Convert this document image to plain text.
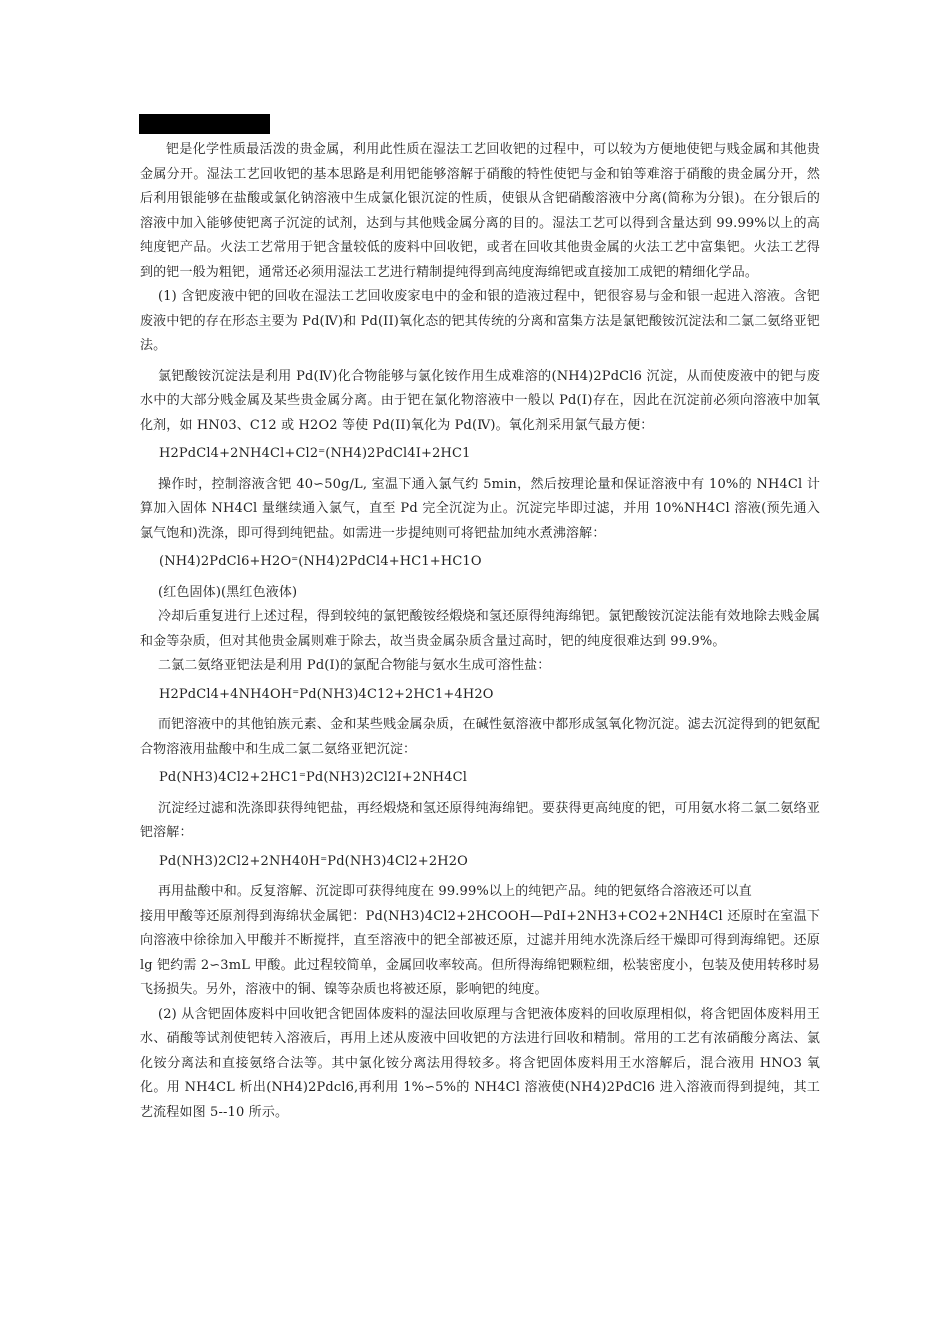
钯是化学性质最活泼的贵金属，利用此性质在湿法工艺回收钯的过程中，可以较为方便地使钯与贱金属和其他贵金属分开。湿法工艺回收钯的基本思路是利用钯能够溶解于硝酸的特性使钯与金和铂等难溶于硝酸的贵金属分开，然后利用银能够在盐酸或氯化钠溶液中生成氯化银沉淀的性质，使银从含钯硝酸溶液中分离(简称为分银)。在分银后的溶液中加入能够使钯离子沉淀的试剂，达到与其他贱金属分离的目的。湿法工艺可以得到含量达到 99.99%以上的高纯度钯产品。火法工艺常用于钯含量较低的废料中回收钯，或者在回收其他贵金属的火法工艺中富集钯。火法工艺得到的钯一般为粗钯，通常还必须用湿法工艺进行精制提纯得到高纯度海绵钯或直接加工成钯的精细化学品。

(1) 含钯废液中钯的回收在湿法工艺回收废家电中的金和银的造液过程中，钯很容易与金和银一起进入溶液。含钯废液中钯的存在形态主要为 Pd(Ⅳ)和 Pd(II)氧化态的钯其传统的分离和富集方法是氯钯酸铵沉淀法和二氯二氨络亚钯法。

氯钯酸铵沉淀法是利用 Pd(Ⅳ)化合物能够与氯化铵作用生成难溶的(NH4)2PdCl6 沉淀，从而使废液中的钯与废水中的大部分贱金属及某些贵金属分离。由于钯在氯化物溶液中一般以 Pd(Ⅰ)存在，因此在沉淀前必须向溶液中加氧化剂，如 HN03、C12 或 H2O2 等使 Pd(II)氧化为 Pd(Ⅳ)。氧化剂采用氯气最方便：

H2PdCl4+2NH4Cl+Cl2⁼(NH4)2PdCl4Ⅰ+2HC1

操作时，控制溶液含钯 40∽50g/L, 室温下通入氯气约 5min，然后按理论量和保证溶液中有 10%的 NH4Cl 计算加入固体 NH4Cl 量继续通入氯气，直至 Pd 完全沉淀为止。沉淀完毕即过滤，并用 10%NH4Cl 溶液(预先通入氯气饱和)洗涤，即可得到纯钯盐。如需进一步提纯则可将钯盐加纯水煮沸溶解：

(NH4)2PdCl6+H2O⁼(NH4)2PdCl4+HC1+HC1O

(红色固体)(黑红色液体)

冷却后重复进行上述过程，得到较纯的氯钯酸铵经煅烧和氢还原得纯海绵钯。氯钯酸铵沉淀法能有效地除去贱金属和金等杂质，但对其他贵金属则难于除去，故当贵金属杂质含量过高时，钯的纯度很难达到 99.9%。

二氯二氨络亚钯法是利用 Pd(Ⅰ)的氯配合物能与氨水生成可溶性盐：

H2PdCl4+4NH4OH⁼Pd(NH3)4C12+2HC1+4H2O

而钯溶液中的其他铂族元素、金和某些贱金属杂质，在碱性氨溶液中都形成氢氧化物沉淀。滤去沉淀得到的钯氨配合物溶液用盐酸中和生成二氯二氨络亚钯沉淀：

Pd(NH3)4Cl2+2HC1⁼Pd(NH3)2Cl2Ⅰ+2NH4Cl

沉淀经过滤和洗涤即获得纯钯盐，再经煅烧和氢还原得纯海绵钯。要获得更高纯度的钯，可用氨水将二氯二氨络亚钯溶解：

Pd(NH3)2Cl2+2NH40H⁼Pd(NH3)4Cl2+2H2O

再用盐酸中和。反复溶解、沉淀即可获得纯度在 99.99%以上的纯钯产品。纯的钯氨络合溶液还可以直

接用甲酸等还原剂得到海绵状金属钯：Pd(NH3)4Cl2+2HCOOH—PdⅠ+2NH3+CO2+2NH4Cl 还原时在室温下向溶液中徐徐加入甲酸并不断搅拌，直至溶液中的钯全部被还原，过滤并用纯水洗涤后经干燥即可得到海绵钯。还原 lg 钯约需 2∽3mL 甲酸。此过程较简单，金属回收率较高。但所得海绵钯颗粒细，松装密度小，包装及使用转移时易飞扬损失。另外，溶液中的铜、镍等杂质也将被还原，影响钯的纯度。

(2) 从含钯固体废料中回收钯含钯固体废料的湿法回收原理与含钯液体废料的回收原理相似，将含钯固体废料用王水、硝酸等试剂使钯转入溶液后，再用上述从废液中回收钯的方法进行回收和精制。常用的工艺有浓硝酸分离法、氯化铵分离法和直接氨络合法等。其中氯化铵分离法用得较多。将含钯固体废料用王水溶解后，混合液用 HNO3 氧化。用 NH4CL 析出(NH4)2Pdcl6,再利用 1%∽5%的 NH4Cl 溶液使(NH4)2PdCl6 进入溶液而得到提纯，其工艺流程如图 5--10 所示。
